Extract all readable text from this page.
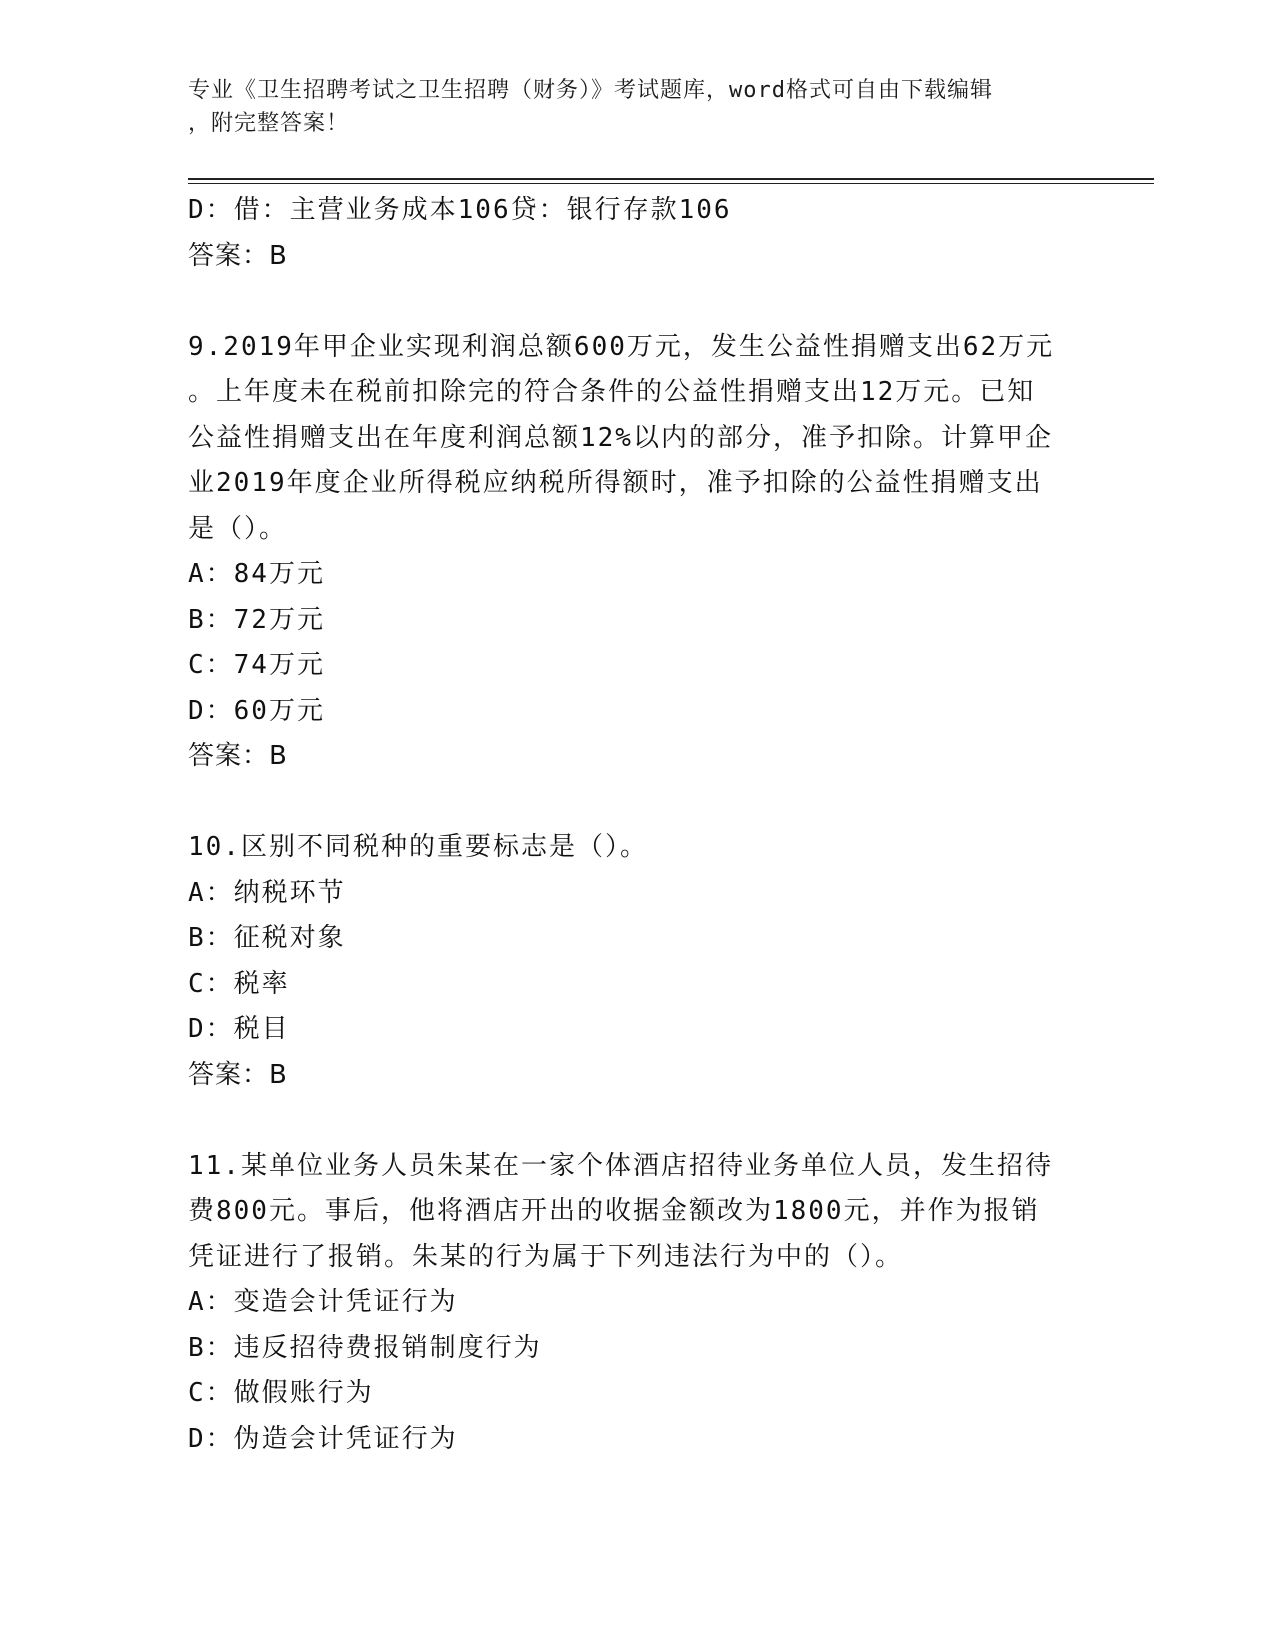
专业《卫生招聘考试之卫生招聘（财务）》考试题库，word格式可自由下载编辑
，附完整答案！
D：借：主营业务成本106贷：银行存款106
答案：B
9.2019年甲企业实现利润总额600万元，发生公益性捐赠支出62万元
。上年度未在税前扣除完的符合条件的公益性捐赠支出12万元。已知
公益性捐赠支出在年度利润总额12%以内的部分，准予扣除。计算甲企
业2019年度企业所得税应纳税所得额时，准予扣除的公益性捐赠支出
是（）。
A：84万元
B：72万元
C：74万元
D：60万元
答案：B
10.区别不同税种的重要标志是（）。
A：纳税环节
B：征税对象
C：税率
D：税目
答案：B
11.某单位业务人员朱某在一家个体酒店招待业务单位人员，发生招待
费800元。事后，他将酒店开出的收据金额改为1800元，并作为报销
凭证进行了报销。朱某的行为属于下列违法行为中的（）。
A：变造会计凭证行为
B：违反招待费报销制度行为
C：做假账行为
D：伪造会计凭证行为
